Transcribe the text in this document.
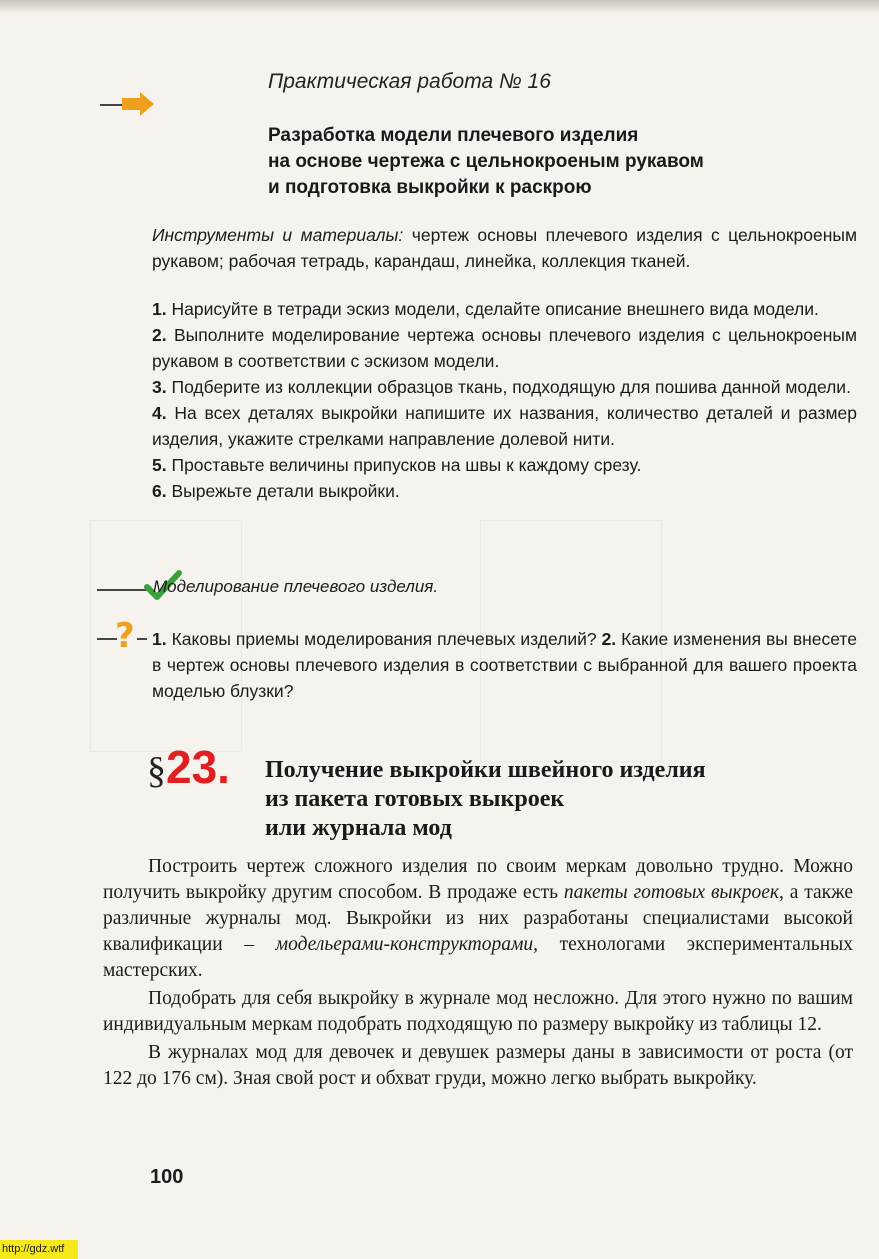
Практическая работа № 16
Разработка модели плечевого изделия
на основе чертежа с цельнокроеным рукавом
и подготовка выкройки к раскрою
Инструменты и материалы: чертеж основы плечевого изделия с цельнокроеным рукавом; рабочая тетрадь, карандаш, линейка, коллекция тканей.
1. Нарисуйте в тетради эскиз модели, сделайте описание внешнего вида модели.
2. Выполните моделирование чертежа основы плечевого изделия с цельнокроеным рукавом в соответствии с эскизом модели.
3. Подберите из коллекции образцов ткань, подходящую для пошива данной модели.
4. На всех деталях выкройки напишите их названия, количество деталей и размер изделия, укажите стрелками направление долевой нити.
5. Проставьте величины припусков на швы к каждому срезу.
6. Вырежьте детали выкройки.
Моделирование плечевого изделия.
? 1. Каковы приемы моделирования плечевых изделий? 2. Какие изменения вы внесете в чертеж основы плечевого изделия в соответствии с выбранной для вашего проекта моделью блузки?
§23. Получение выкройки швейного изделия
из пакета готовых выкроек
или журнала мод

Построить чертеж сложного изделия по своим меркам довольно трудно. Можно получить выкройку другим способом. В продаже есть пакеты готовых выкроек, а также различные журналы мод. Выкройки из них разработаны специалистами высокой квалификации – модельерами-конструкторами, технологами экспериментальных мастерских.

Подобрать для себя выкройку в журнале мод несложно. Для этого нужно по вашим индивидуальным меркам подобрать подходящую по размеру выкройку из таблицы 12.

В журналах мод для девочек и девушек размеры даны в зависимости от роста (от 122 до 176 см). Зная свой рост и обхват груди, можно легко выбрать выкройку.

100
http://gdz.wtf
